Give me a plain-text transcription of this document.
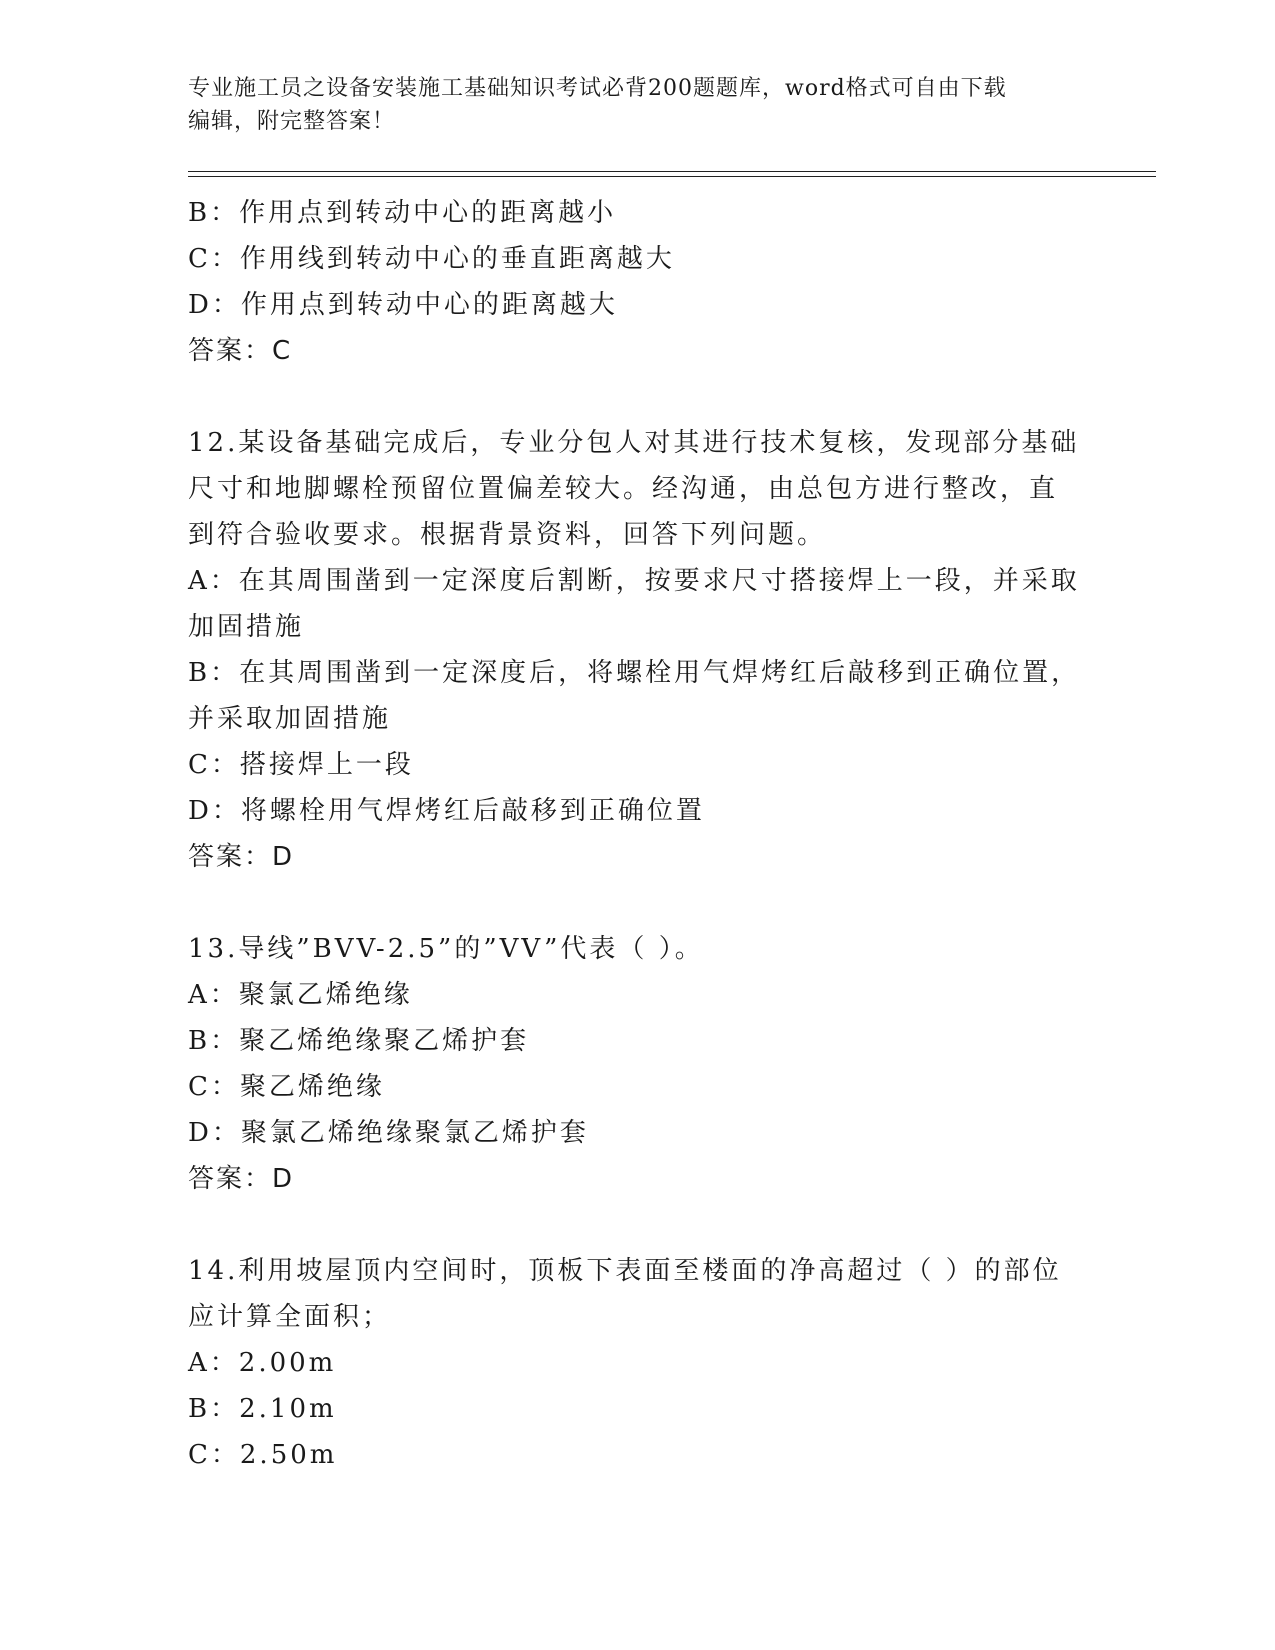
专业施工员之设备安装施工基础知识考试必背200题题库，word格式可自由下载
编辑，附完整答案！
B：作用点到转动中心的距离越小
C：作用线到转动中心的垂直距离越大
D：作用点到转动中心的距离越大
答案：C
12.某设备基础完成后，专业分包人对其进行技术复核，发现部分基础
尺寸和地脚螺栓预留位置偏差较大。经沟通，由总包方进行整改，直
到符合验收要求。根据背景资料，回答下列问题。
A：在其周围凿到一定深度后割断，按要求尺寸搭接焊上一段，并采取
加固措施
B：在其周围凿到一定深度后，将螺栓用气焊烤红后敲移到正确位置，
并采取加固措施
C：搭接焊上一段
D：将螺栓用气焊烤红后敲移到正确位置
答案：D
13.导线”BVV-2.5”的”VV”代表（ ）。
A：聚氯乙烯绝缘
B：聚乙烯绝缘聚乙烯护套
C：聚乙烯绝缘
D：聚氯乙烯绝缘聚氯乙烯护套
答案：D
14.利用坡屋顶内空间时，顶板下表面至楼面的净高超过（ ）的部位
应计算全面积；
A：2.00m
B：2.10m
C：2.50m
